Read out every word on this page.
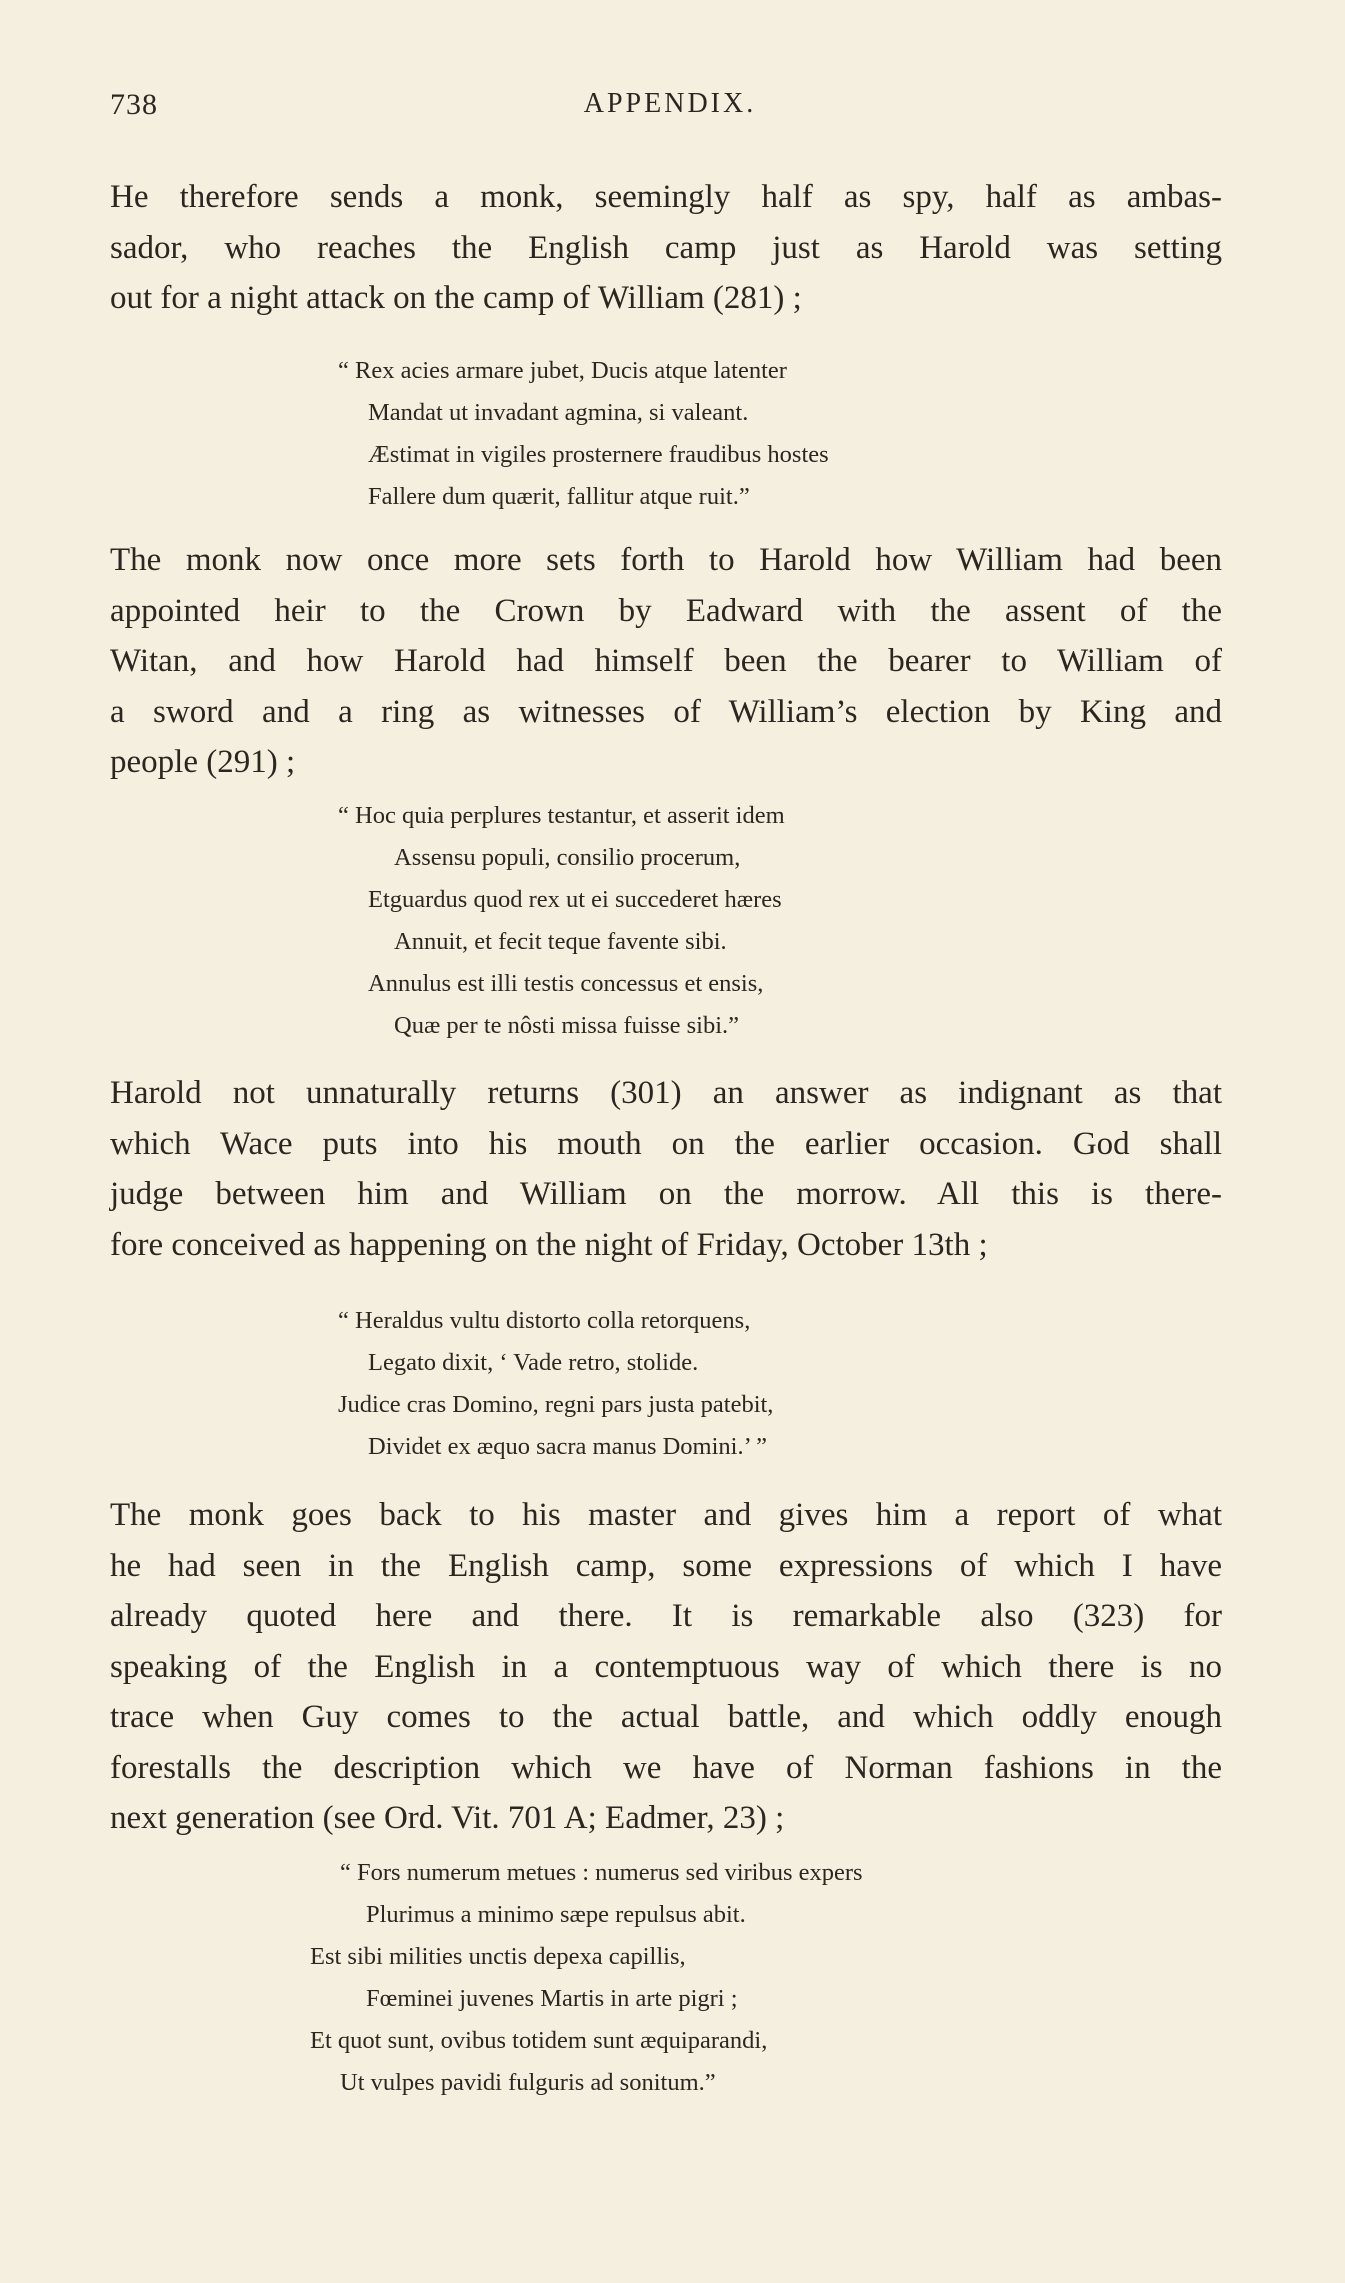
738	APPENDIX.
He therefore sends a monk, seemingly half as spy, half as ambas-
sador, who reaches the English camp just as Harold was setting
out for a night attack on the camp of William (281) ;
“ Rex acies armare jubet, Ducis atque latenter
Mandat ut invadant agmina, si valeant.
Æstimat in vigiles prosternere fraudibus hostes
Fallere dum quærit, fallitur atque ruit.”
The monk now once more sets forth to Harold how William had been
appointed heir to the Crown by Eadward with the assent of the
Witan, and how Harold had himself been the bearer to William of
a sword and a ring as witnesses of William’s election by King and
people (291) ;
“ Hoc quia perplures testantur, et asserit idem
Assensu populi, consilio procerum,
Etguardus quod rex ut ei succederet hæres
Annuit, et fecit teque favente sibi.
Annulus est illi testis concessus et ensis,
Quæ per te nôsti missa fuisse sibi.”
Harold not unnaturally returns (301) an answer as indignant as that
which Wace puts into his mouth on the earlier occasion. God shall
judge between him and William on the morrow. All this is there-
fore conceived as happening on the night of Friday, October 13th ;
“ Heraldus vultu distorto colla retorquens,
Legato dixit, ‘ Vade retro, stolide.
Judice cras Domino, regni pars justa patebit,
Dividet ex æquo sacra manus Domini.’ ”
The monk goes back to his master and gives him a report of what
he had seen in the English camp, some expressions of which I have
already quoted here and there. It is remarkable also (323) for
speaking of the English in a contemptuous way of which there is no
trace when Guy comes to the actual battle, and which oddly enough
forestalls the description which we have of Norman fashions in the
next generation (see Ord. Vit. 701 A; Eadmer, 23) ;
“ Fors numerum metues : numerus sed viribus expers
Plurimus a minimo sæpe repulsus abit.
Est sibi milities unctis depexa capillis,
Fœminei juvenes Martis in arte pigri ;
Et quot sunt, ovibus totidem sunt æquiparandi,
Ut vulpes pavidi fulguris ad sonitum.”
